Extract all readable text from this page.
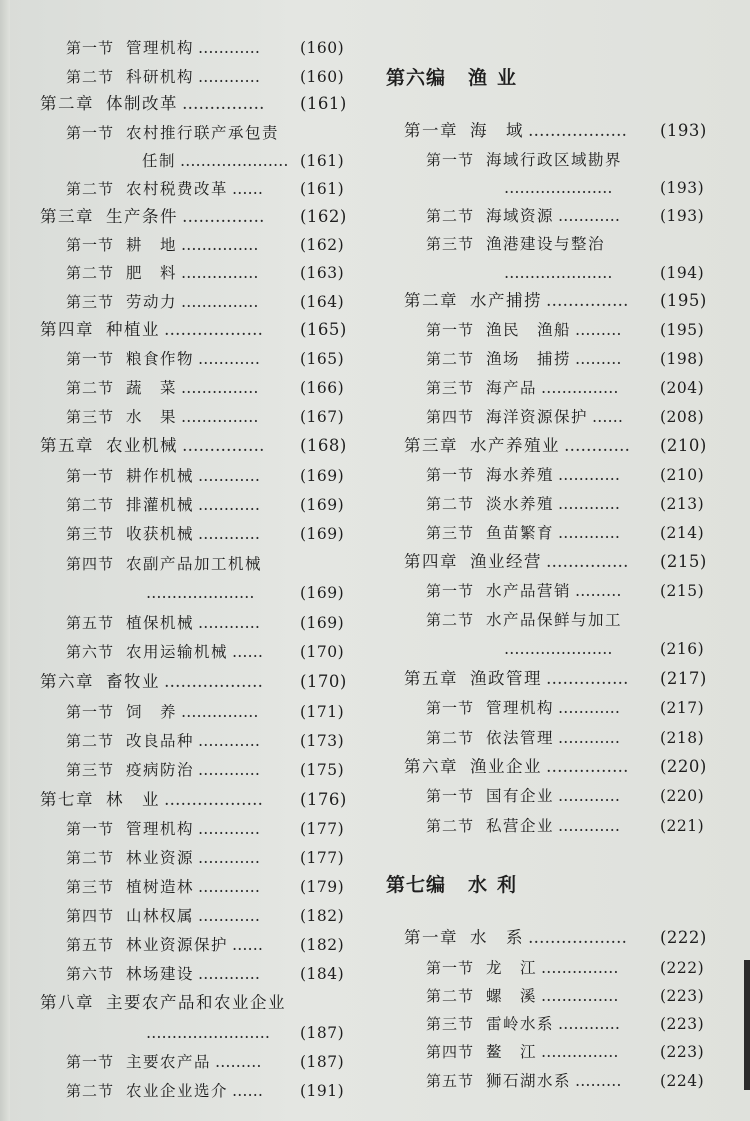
第一节 管理机构 …………	(160)
第二节 科研机构 …………	(160)
第二章 体制改革 …………… (161)
第一节 农村推行联产承包责
任制 ………………… (161)
第二节 农村税费改革 …… (161)
第三章 生产条件 …………… (162)
第一节 耕　地 ……………	(162)
第二节 肥　料 ……………	(163)
第三节 劳动力 ……………	(164)
第四章 种植业 ……………… (165)
第一节 粮食作物 …………	(165)
第二节 蔬　菜 ……………	(166)
第三节 水　果 ……………	(167)
第五章 农业机械 …………… (168)
第一节 耕作机械 …………	(169)
第二节 排灌机械 …………	(169)
第三节 收获机械 …………	(169)
第四节 农副产品加工机械
…………………	(169)
第五节 植保机械 …………	(169)
第六节 农用运输机械 …… (170)
第六章 畜牧业 ……………… (170)
第一节 饲　养 ……………	(171)
第二节 改良品种 …………	(173)
第三节 疫病防治 …………	(175)
第七章 林　业 ……………… (176)
第一节 管理机构 …………	(177)
第二节 林业资源 …………	(177)
第三节 植树造林 …………	(179)
第四节 山林权属 …………	(182)
第五节 林业资源保护 …… (182)
第六节 林场建设 …………	(184)
第八章 主要农产品和农业企业
…………………… (187)
第一节 主要农产品 ……… (187)
第二节 农业企业选介 …… (191)
第六编 渔业
第一章 海　域 ……………… (193)
第一节 海域行政区域勘界
…………………	(193)
第二节 海域资源 …………	(193)
第三节 渔港建设与整治
…………………	(194)
第二章 水产捕捞 …………… (195)
第一节 渔民　渔船 ……… (195)
第二节 渔场　捕捞 ……… (198)
第三节 海产品 ……………	(204)
第四节 海洋资源保护 …… (208)
第三章 水产养殖业 ………… (210)
第一节 海水养殖 …………	(210)
第二节 淡水养殖 …………	(213)
第三节 鱼苗繁育 …………	(214)
第四章 渔业经营 …………… (215)
第一节 水产品营销 ……… (215)
第二节 水产品保鲜与加工
…………………	(216)
第五章 渔政管理 …………… (217)
第一节 管理机构 …………	(217)
第二节 依法管理 …………	(218)
第六章 渔业企业 …………… (220)
第一节 国有企业 …………	(220)
第二节 私营企业 …………	(221)
第七编 水利
第一章 水　系 ……………… (222)
第一节 龙　江 ……………	(222)
第二节 螺　溪 ……………	(223)
第三节 雷岭水系 …………	(223)
第四节 鳌　江 ……………	(223)
第五节 狮石湖水系 ……… (224)
